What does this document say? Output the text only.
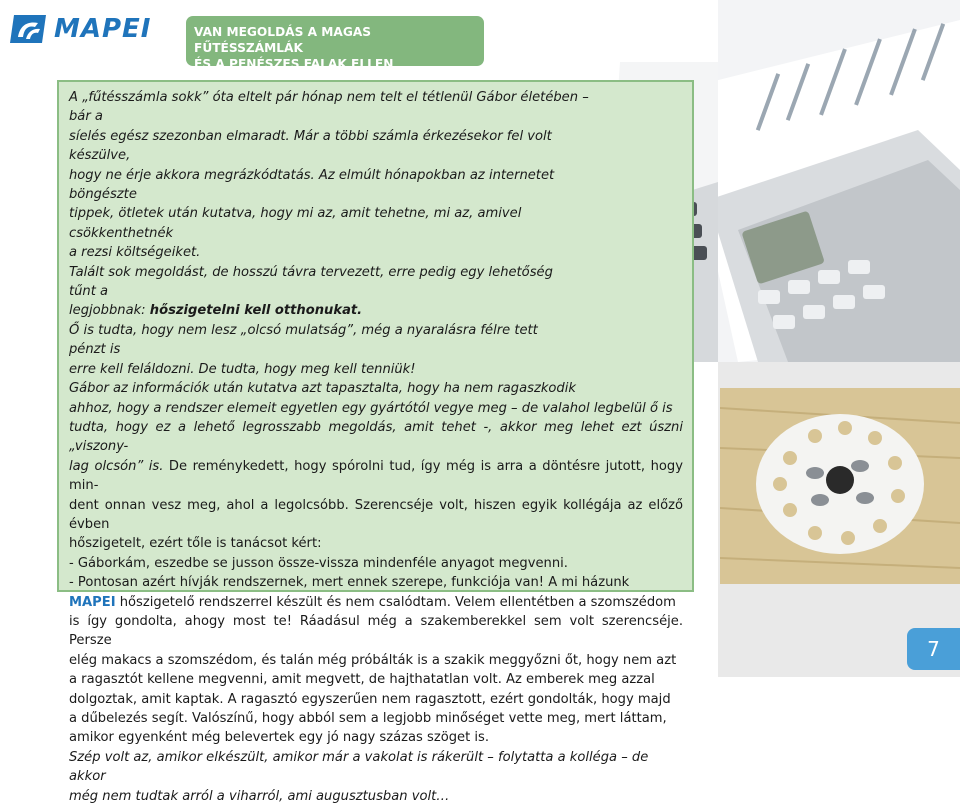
MAPEI	VAN MEGOLDÁS A MAGAS FŰTÉSSZÁMLÁK
ÉS A PENÉSZES FALAK ELLEN

A „fűtésszámla sokk” óta eltelt pár hónap nem telt el tétlenül Gábor életében – bár a

síelés egész szezonban elmaradt. Már a többi számla érkezésekor fel volt készülve,

hogy ne érje akkora megrázkódtatás. Az elmúlt hónapokban az internetet böngészte

tippek, ötletek után kutatva, hogy mi az, amit tehetne, mi az, amivel csökkenthetnék

a rezsi költségeiket.

Talált sok megoldást, de hosszú távra tervezett, erre pedig egy lehetőség tűnt a

legjobbnak: hőszigetelni kell otthonukat.

Ő is tudta, hogy nem lesz „olcsó mulatság”, még a nyaralásra félre tett pénzt is

erre kell feláldozni. De tudta, hogy meg kell tenniük!

Gábor az információk után kutatva azt tapasztalta, hogy ha nem ragaszkodik

ahhoz, hogy a rendszer elemeit egyetlen egy gyártótól vegye meg – de valahol legbelül ő is

tudta, hogy ez a lehető legrosszabb megoldás, amit tehet -, akkor meg lehet ezt úszni „viszony-

lag olcsón” is. De reménykedett, hogy spórolni tud, így még is arra a döntésre jutott, hogy min-

dent onnan vesz meg, ahol a legolcsóbb. Szerencséje volt, hiszen egyik kollégája az előző évben

hőszigetelt, ezért tőle is tanácsot kért:

- Gáborkám, eszedbe se jusson össze-vissza mindenféle anyagot megvenni.

- Pontosan azért hívják rendszernek, mert ennek szerepe, funkciója van! A mi házunk

MAPEI hőszigetelő rendszerrel készült és nem csalódtam. Velem ellentétben a szomszédom

is így gondolta, ahogy most te! Ráadásul még a szakemberekkel sem volt szerencséje. Persze

elég makacs a szomszédom, és talán még próbálták is a szakik meggyőzni őt, hogy nem azt

a ragasztót kellene megvenni, amit megvett, de hajthatatlan volt. Az emberek meg azzal

dolgoztak, amit kaptak. A ragasztó egyszerűen nem ragasztott, ezért gondolták, hogy majd

a dűbelezés segít. Valószínű, hogy abból sem a legjobb minőséget vette meg, mert láttam,

amikor egyenként még belevertek egy jó nagy százas szöget is.

Szép volt az, amikor elkészült, amikor már a vakolat is rákerült – folytatta a kolléga – de akkor

még nem tudtak arról a viharról, ami augusztusban volt…

7
